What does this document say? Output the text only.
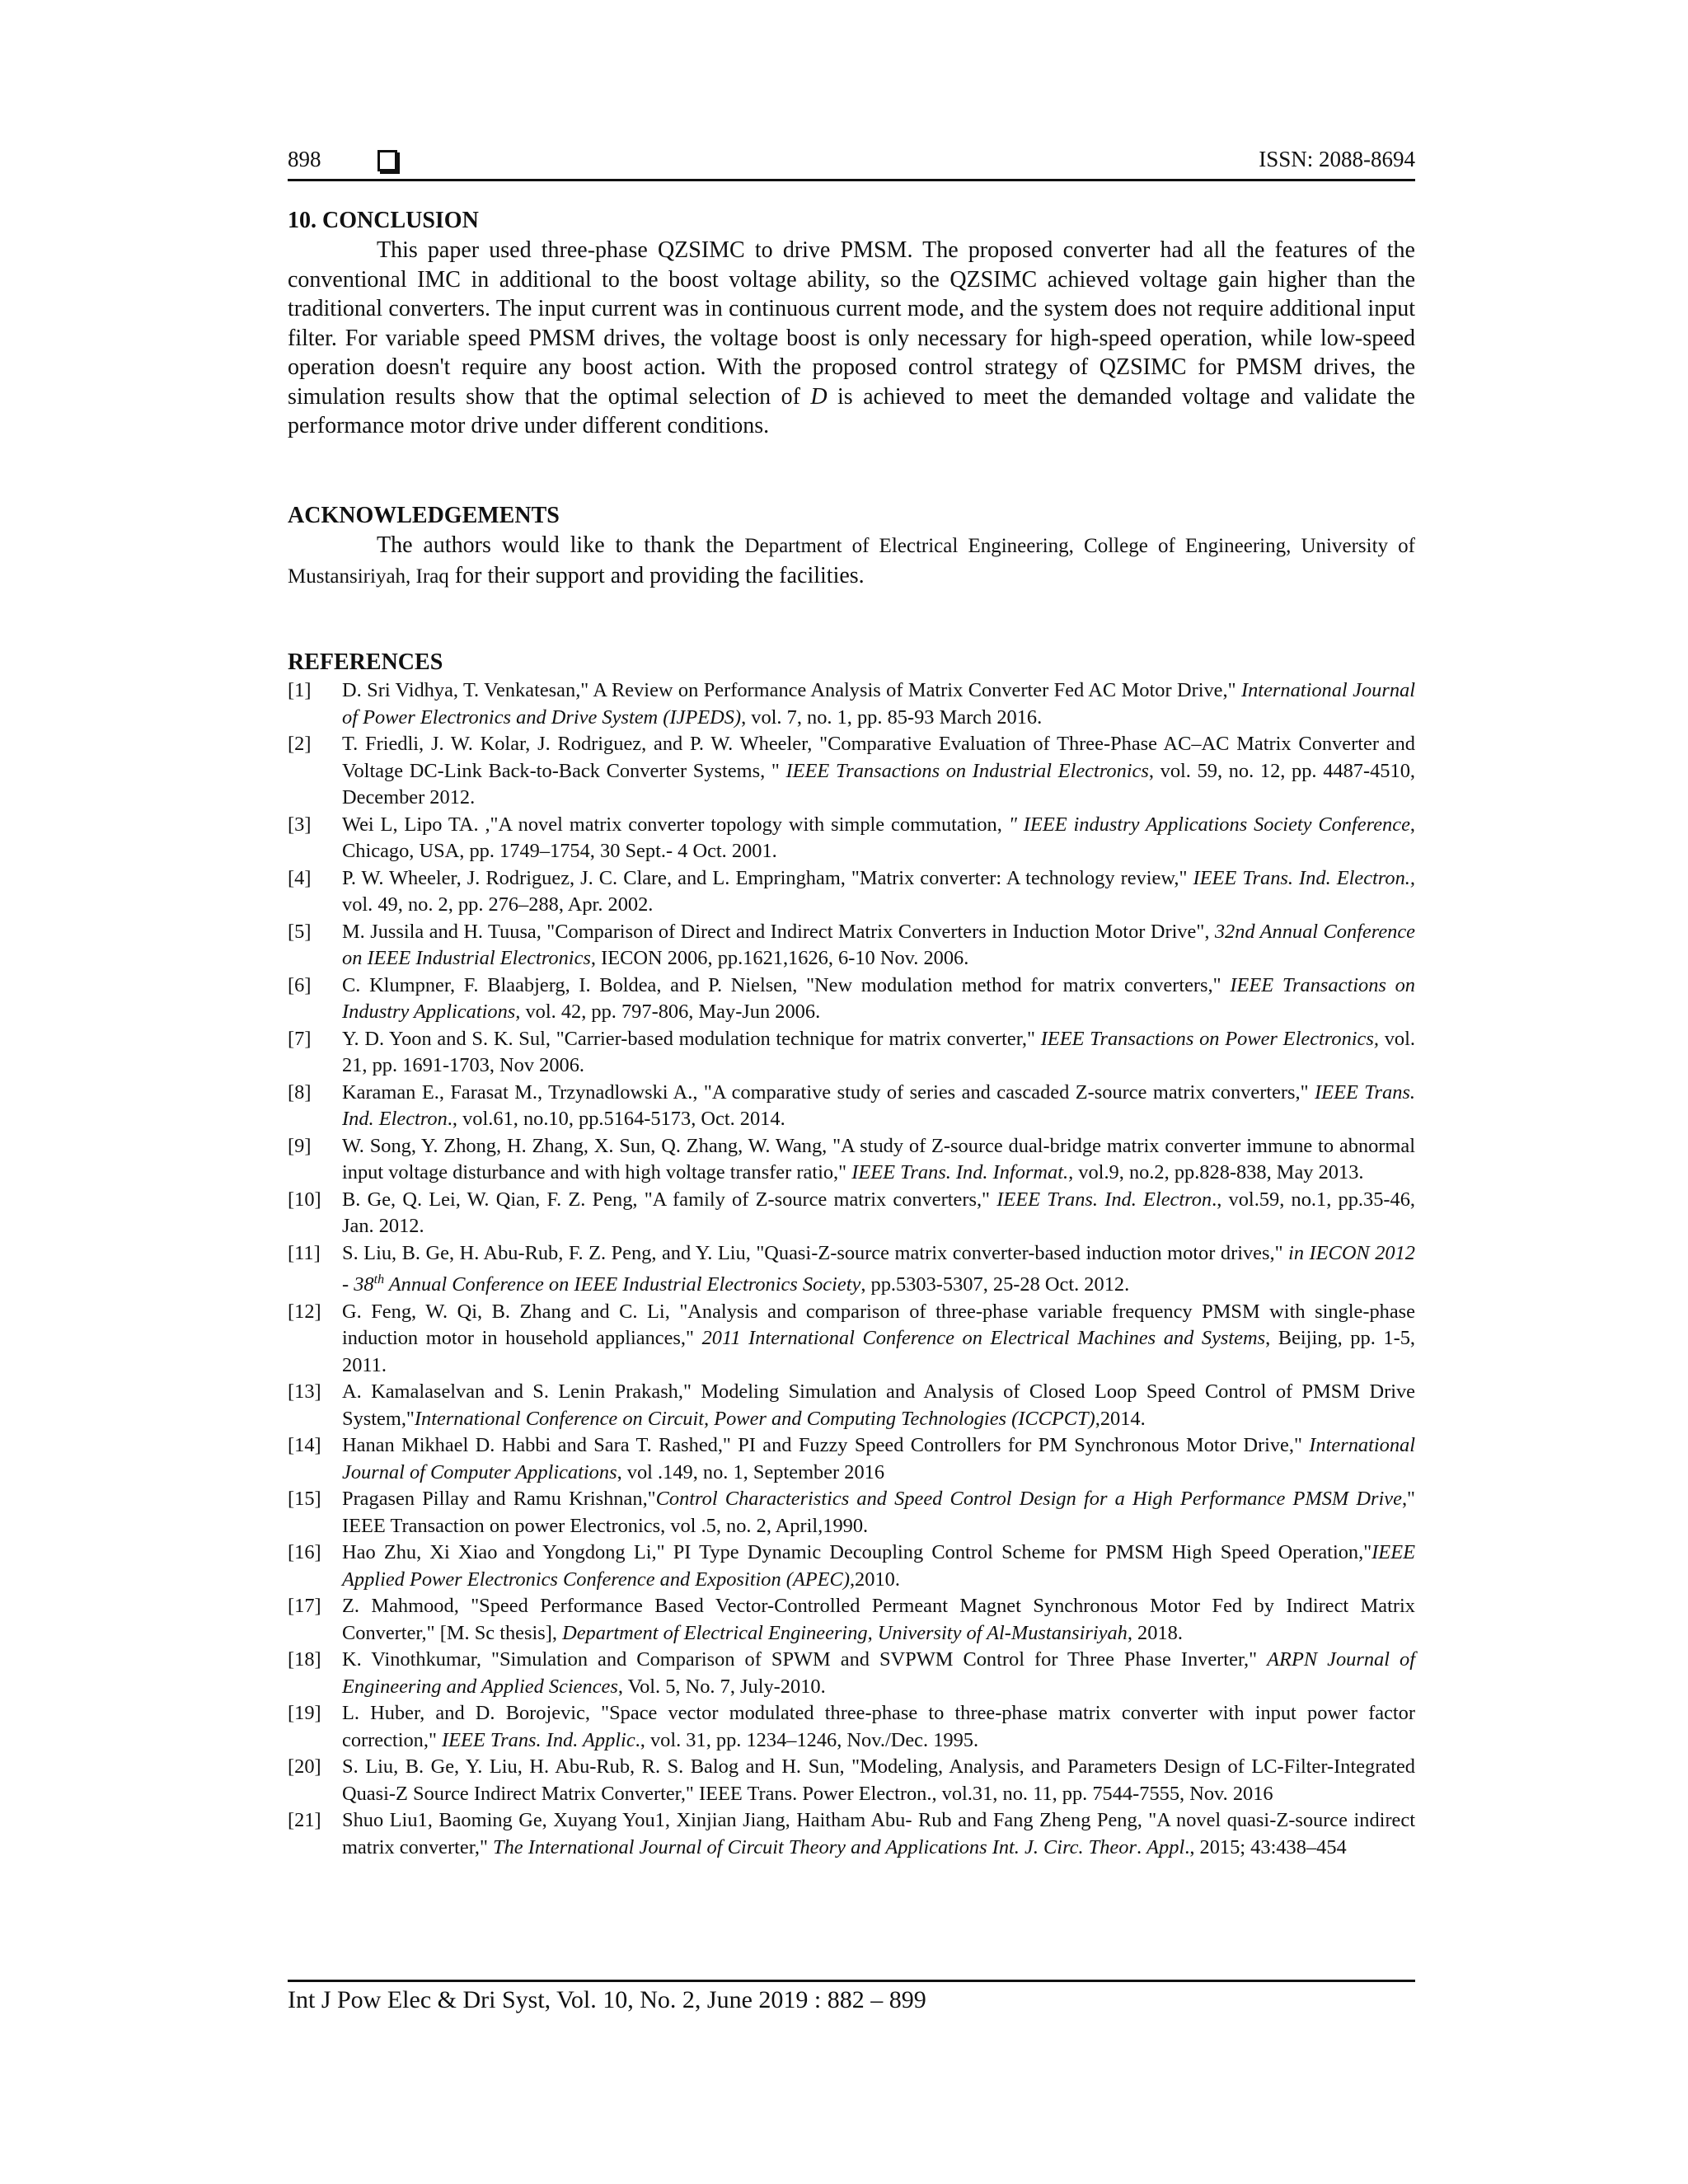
898	ISSN: 2088-8694
10. CONCLUSION

This paper used three-phase QZSIMC to drive PMSM. The proposed converter had all the features of the conventional IMC in additional to the boost voltage ability, so the QZSIMC achieved voltage gain higher than the traditional converters. The input current was in continuous current mode, and the system does not require additional input filter. For variable speed PMSM drives, the voltage boost is only necessary for high-speed operation, while low-speed operation doesn't require any boost action. With the proposed control strategy of QZSIMC for PMSM drives, the simulation results show that the optimal selection of D is achieved to meet the demanded voltage and validate the performance motor drive under different conditions.

ACKNOWLEDGEMENTS

The authors would like to thank the Department of Electrical Engineering, College of Engineering, University of Mustansiriyah, Iraq for their support and providing the facilities.

REFERENCES
[1] D. Sri Vidhya, T. Venkatesan," A Review on Performance Analysis of Matrix Converter Fed AC Motor Drive," International Journal of Power Electronics and Drive System (IJPEDS), vol. 7, no. 1, pp. 85-93 March 2016.
[2] T. Friedli, J. W. Kolar, J. Rodriguez, and P. W. Wheeler, "Comparative Evaluation of Three-Phase AC–AC Matrix Converter and Voltage DC-Link Back-to-Back Converter Systems, " IEEE Transactions on Industrial Electronics, vol. 59, no. 12, pp. 4487-4510, December 2012.
[3] Wei L, Lipo TA. ,"A novel matrix converter topology with simple commutation, " IEEE industry Applications Society Conference, Chicago, USA, pp. 1749–1754, 30 Sept.- 4 Oct. 2001.
[4] P. W. Wheeler, J. Rodriguez, J. C. Clare, and L. Empringham, "Matrix converter: A technology review," IEEE Trans. Ind. Electron., vol. 49, no. 2, pp. 276–288, Apr. 2002.
[5] M. Jussila and H. Tuusa, "Comparison of Direct and Indirect Matrix Converters in Induction Motor Drive", 32nd Annual Conference on IEEE Industrial Electronics, IECON 2006, pp.1621,1626, 6-10 Nov. 2006.
[6] C. Klumpner, F. Blaabjerg, I. Boldea, and P. Nielsen, "New modulation method for matrix converters," IEEE Transactions on Industry Applications, vol. 42, pp. 797-806, May-Jun 2006.
[7] Y. D. Yoon and S. K. Sul, "Carrier-based modulation technique for matrix converter," IEEE Transactions on Power Electronics, vol. 21, pp. 1691-1703, Nov 2006.
[8] Karaman E., Farasat M., Trzynadlowski A., "A comparative study of series and cascaded Z-source matrix converters," IEEE Trans. Ind. Electron., vol.61, no.10, pp.5164-5173, Oct. 2014.
[9] W. Song, Y. Zhong, H. Zhang, X. Sun, Q. Zhang, W. Wang, "A study of Z-source dual-bridge matrix converter immune to abnormal input voltage disturbance and with high voltage transfer ratio," IEEE Trans. Ind. Informat., vol.9, no.2, pp.828-838, May 2013.
[10] B. Ge, Q. Lei, W. Qian, F. Z. Peng, "A family of Z-source matrix converters," IEEE Trans. Ind. Electron., vol.59, no.1, pp.35-46, Jan. 2012.
[11] S. Liu, B. Ge, H. Abu-Rub, F. Z. Peng, and Y. Liu, "Quasi-Z-source matrix converter-based induction motor drives," in IECON 2012 - 38th Annual Conference on IEEE Industrial Electronics Society, pp.5303-5307, 25-28 Oct. 2012.
[12] G. Feng, W. Qi, B. Zhang and C. Li, "Analysis and comparison of three-phase variable frequency PMSM with single-phase induction motor in household appliances," 2011 International Conference on Electrical Machines and Systems, Beijing, pp. 1-5, 2011.
[13] A. Kamalaselvan and S. Lenin Prakash," Modeling Simulation and Analysis of Closed Loop Speed Control of PMSM Drive System,"International Conference on Circuit, Power and Computing Technologies (ICCPCT),2014.
[14] Hanan Mikhael D. Habbi and Sara T. Rashed," PI and Fuzzy Speed Controllers for PM Synchronous Motor Drive," International Journal of Computer Applications, vol .149, no. 1, September 2016
[15] Pragasen Pillay and Ramu Krishnan,"Control Characteristics and Speed Control Design for a High Performance PMSM Drive," IEEE Transaction on power Electronics, vol .5, no. 2, April,1990.
[16] Hao Zhu, Xi Xiao and Yongdong Li," PI Type Dynamic Decoupling Control Scheme for PMSM High Speed Operation,"IEEE Applied Power Electronics Conference and Exposition (APEC),2010.
[17] Z. Mahmood, "Speed Performance Based Vector-Controlled Permeant Magnet Synchronous Motor Fed by Indirect Matrix Converter," [M. Sc thesis], Department of Electrical Engineering, University of Al-Mustansiriyah, 2018.
[18] K. Vinothkumar, "Simulation and Comparison of SPWM and SVPWM Control for Three Phase Inverter," ARPN Journal of Engineering and Applied Sciences, Vol. 5, No. 7, July-2010.
[19] L. Huber, and D. Borojevic, "Space vector modulated three-phase to three-phase matrix converter with input power factor correction," IEEE Trans. Ind. Applic., vol. 31, pp. 1234–1246, Nov./Dec. 1995.
[20] S. Liu, B. Ge, Y. Liu, H. Abu-Rub, R. S. Balog and H. Sun, "Modeling, Analysis, and Parameters Design of LC-Filter-Integrated Quasi-Z Source Indirect Matrix Converter," IEEE Trans. Power Electron., vol.31, no. 11, pp. 7544-7555, Nov. 2016
[21] Shuo Liu1, Baoming Ge, Xuyang You1, Xinjian Jiang, Haitham Abu- Rub and Fang Zheng Peng, "A novel quasi-Z-source indirect matrix converter," The International Journal of Circuit Theory and Applications Int. J. Circ. Theor. Appl., 2015; 43:438–454
Int J Pow Elec & Dri Syst, Vol. 10, No. 2, June 2019 : 882 – 899
